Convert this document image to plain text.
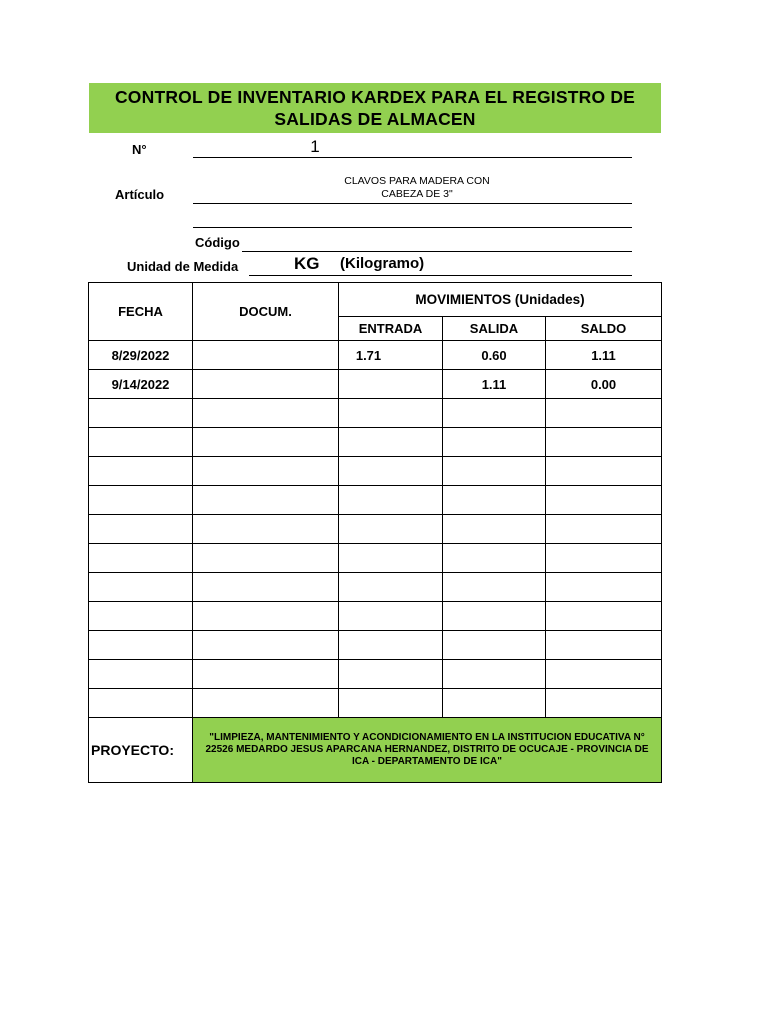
CONTROL DE INVENTARIO KARDEX PARA EL REGISTRO DE SALIDAS DE ALMACEN
N°	1
Artículo
CLAVOS PARA MADERA CON
CABEZA DE 3"
Código
Unidad de Medida	KG (Kilogramo)
FECHA	DOCUM.	MOVIMIENTOS (Unidades)		
		ENTRADA	SALIDA	SALDO
8/29/2022		1.71	0.60	1.11
9/14/2022			1.11	0.00

PROYECTO:	"LIMPIEZA, MANTENIMIENTO Y ACONDICIONAMIENTO EN LA INSTITUCION EDUCATIVA N° 22526 MEDARDO JESUS APARCANA HERNANDEZ, DISTRITO DE OCUCAJE - PROVINCIA DE ICA - DEPARTAMENTO DE ICA"			
